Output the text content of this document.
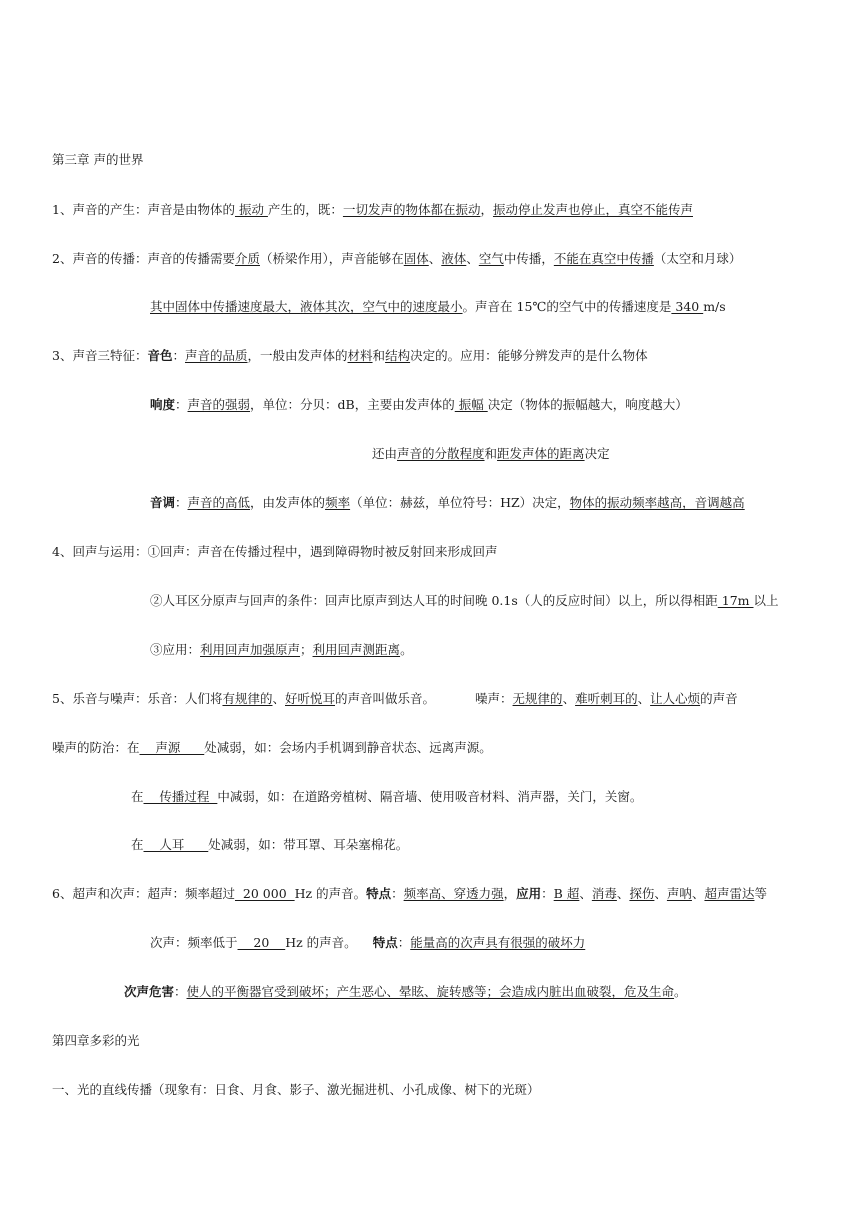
第三章 声的世界
1、声音的产生：声音是由物体的 振动 产生的，既：一切发声的物体都在振动，振动停止发声也停止，真空不能传声
2、声音的传播：声音的传播需要介质（桥梁作用），声音能够在固体、液体、空气中传播，不能在真空中传播（太空和月球）
其中固体中传播速度最大，液体其次，空气中的速度最小。声音在 15℃的空气中的传播速度是 340 m/s
3、声音三特征：音色：声音的品质，一般由发声体的材料和结构决定的。应用：能够分辨发声的是什么物体
响度：声音的强弱，单位：分贝：dB，主要由发声体的 振幅 决定（物体的振幅越大，响度越大）
还由声音的分散程度和距发声体的距离决定
音调：声音的高低，由发声体的频率（单位：赫兹，单位符号：HZ）决定，物体的振动频率越高，音调越高
4、回声与运用：①回声：声音在传播过程中，遇到障碍物时被反射回来形成回声
②人耳区分原声与回声的条件：回声比原声到达人耳的时间晚 0.1s（人的反应时间）以上，所以得相距 17m 以上
③应用：利用回声加强原声；利用回声测距离。
5、乐音与噪声：乐音：人们将有规律的、好听悦耳的声音叫做乐音。	噪声：无规律的、难听刺耳的、让人心烦的声音
噪声的防治：在    声源      处减弱，如：会场内手机调到静音状态、远离声源。
在    传播过程  中减弱，如：在道路旁植树、隔音墙、使用吸音材料、消声器，关门，关窗。
在    人耳      处减弱，如：带耳罩、耳朵塞棉花。
6、超声和次声：超声：频率超过  20 000  Hz 的声音。特点：频率高、穿透力强，应用：B 超、消毒、探伤、声呐、超声雷达等
次声：频率低于    20    Hz 的声音。 特点：能量高的次声具有很强的破坏力
次声危害：使人的平衡器官受到破坏；产生恶心、晕眩、旋转感等；会造成内脏出血破裂，危及生命。
第四章多彩的光
一、光的直线传播（现象有：日食、月食、影子、激光掘进机、小孔成像、树下的光斑）
